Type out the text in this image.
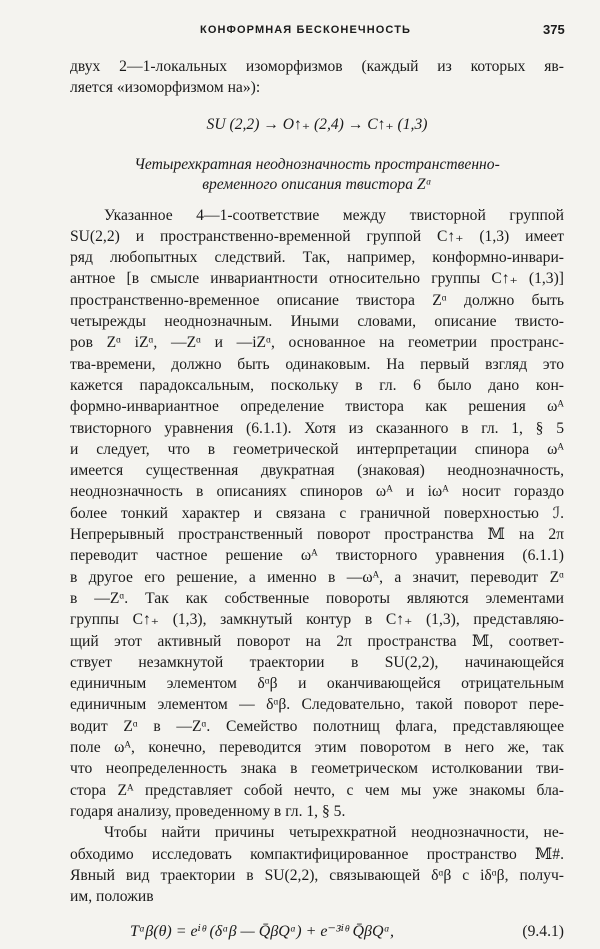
КОНФОРМНАЯ БЕСКОНЕЧНОСТЬ	375
двух 2—1-локальных изоморфизмов (каждый из которых яв-
ляется «изоморфизмом на»):
SU (2,2) → O↑₊ (2,4) → C↑₊ (1,3)
Четырехкратная неоднозначность пространственно-
временного описания твистора Zᵅ
Указанное 4—1-соответствие между твисторной группой
SU(2,2) и пространственно-временной группой C↑₊ (1,3) имеет
ряд любопытных следствий. Так, например, конформно-инвари-
антное [в смысле инвариантности относительно группы C↑₊ (1,3)]
пространственно-временное описание твистора Zᵅ должно быть
четырежды неоднозначным. Иными словами, описание твисто-
ров Zᵅ iZᵅ, —Zᵅ и —iZᵅ, основанное на геометрии пространс-
тва-времени, должно быть одинаковым. На первый взгляд это
кажется парадоксальным, поскольку в гл. 6 было дано кон-
формно-инвариантное определение твистора как решения ωᴬ
твисторного уравнения (6.1.1). Хотя из сказанного в гл. 1, § 5
и следует, что в геометрической интерпретации спинора ωᴬ
имеется существенная двукратная (знаковая) неоднозначность,
неоднозначность в описаниях спиноров ωᴬ и iωᴬ носит гораздо
более тонкий характер и связана с граничной поверхностью ℐ.
Непрерывный пространственный поворот пространства 𝕄 на 2π
переводит частное решение ωᴬ твисторного уравнения (6.1.1)
в другое его решение, а именно в —ωᴬ, а значит, переводит Zᵅ
в —Zᵅ. Так как собственные повороты являются элементами
группы C↑₊ (1,3), замкнутый контур в C↑₊ (1,3), представляю-
щий этот активный поворот на 2π пространства 𝕄, соответ-
ствует незамкнутой траектории в SU(2,2), начинающейся
единичным элементом δᵅβ и оканчивающейся отрицательным
единичным элементом — δᵅβ. Следовательно, такой поворот пере-
водит Zᵅ в —Zᵅ. Семейство полотнищ флага, представляющее
поле ωᴬ, конечно, переводится этим поворотом в него же, так
что неопределенность знака в геометрическом истолковании тви-
стора Zᴬ представляет собой нечто, с чем мы уже знакомы бла-
годаря анализу, проведенному в гл. 1, § 5.
Чтобы найти причины четырехкратной неоднозначности, не-
обходимо исследовать компактифицированное пространство 𝕄#.
Явный вид траектории в SU(2,2), связывающей δᵅβ с iδᵅβ, получ-
им, положив
Tᵅβ(θ) = eⁱᶿ (δᵅβ — Q̄βQᵅ) + e⁻³ⁱᶿ Q̄βQᵅ,	(9.4.1)
